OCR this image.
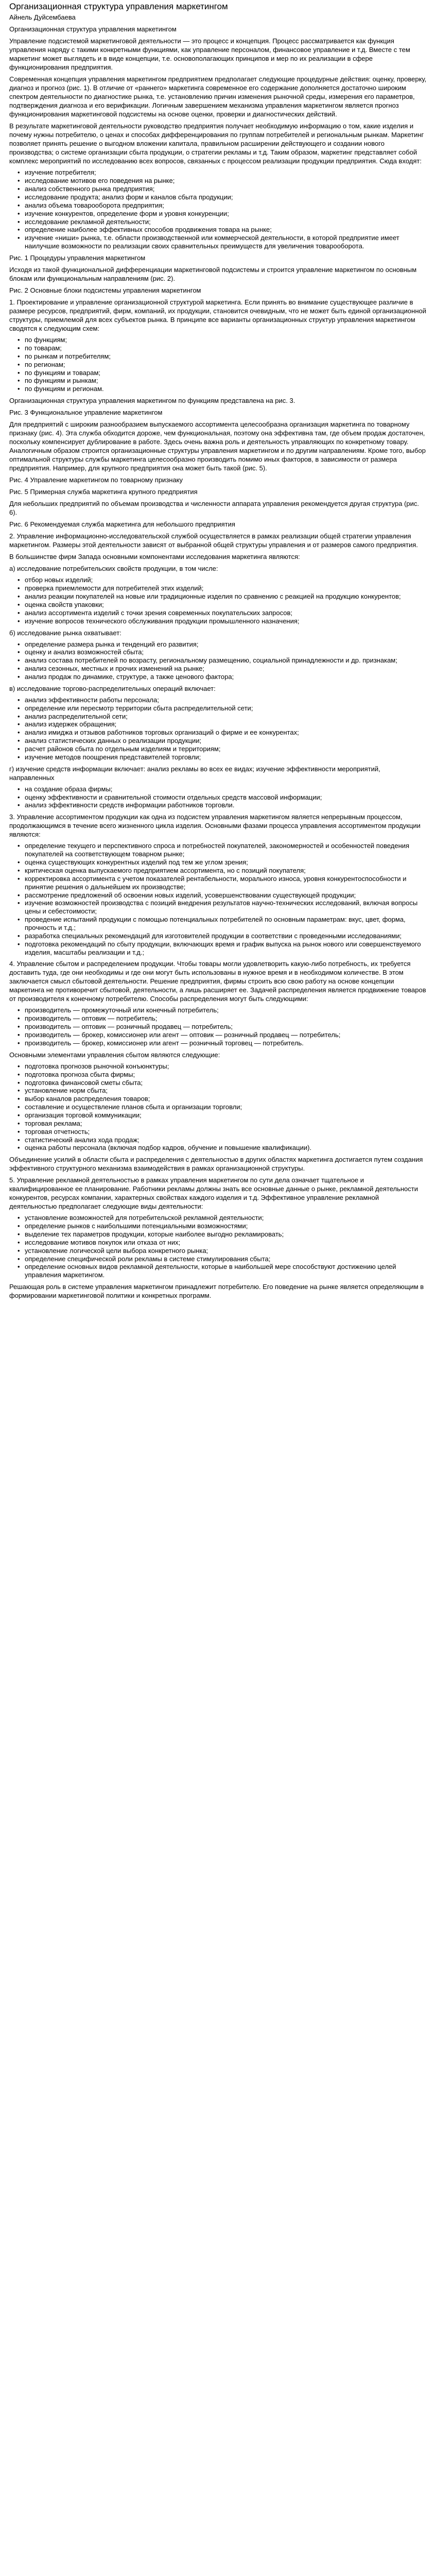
Организационная структура управления маркетингом
Айнель Дуйсембаева

Организационная структура управления маркетингом

Управление подсистемой маркетинговой деятельности — это процесс и концепция. Процесс рассматривается как функция управления наряду с такими конкретными функциями, как управление персоналом, финансовое управление и т.д. Вместе с тем маркетинг может выглядеть и в виде концепции, т.е. основополагающих принципов и мер по их реализации в сфере функционирования предприятия.

Современная концепция управления маркетингом предприятием предполагает следующие процедурные действия: оценку, проверку, диагноз и прогноз (рис. 1). В отличие от «раннего» маркетинга современное его содержание дополняется достаточно широким спектром деятельности по диагностике рынка, т.е. установлению причин изменения рыночной среды, измерения его параметров, подтверждения диагноза и его верификации. Логичным завершением механизма управления маркетингом является прогноз функционирования маркетинговой подсистемы на основе оценки, проверки и диагностических действий.

В результате маркетинговой деятельности руководство предприятия получает необходимую информацию о том, какие изделия и почему нужны потребителю, о ценах и способах дифференцирования по группам потребителей и региональным рынкам. Маркетинг позволяет принять решение о выгодном вложении капитала, правильном расширении действующего и создании нового производства; о системе организации сбыта продукции, о стратегии рекламы и т.д. Таким образом, маркетинг представляет собой комплекс мероприятий по исследованию всех вопросов, связанных с процессом реализации продукции предприятия. Сюда входят:

• изучение потребителя;
• исследование мотивов его поведения на рынке;
• анализ собственного рынка предприятия;
• исследование продукта; анализ форм и каналов сбыта продукции;
• анализ объема товарооборота предприятия;
• изучение конкурентов, определение форм и уровня конкуренции;
• исследование рекламной деятельности;
• определение наиболее эффективных способов продвижения товара на рынке;
• изучение «ниши» рынка, т.е. области производственной или коммерческой деятельности, в которой предприятие имеет наилучшие возможности по реализации своих сравнительных преимуществ для увеличения товарооборота.

Рис. 1 Процедуры управления маркетингом

Исходя из такой функциональной дифференциации маркетинговой подсистемы и строится управление маркетингом по основным блокам или функциональным направлениям (рис. 2).

Рис. 2 Основные блоки подсистемы управления маркетингом

1. Проектирование и управление организационной структурой маркетинга. Если принять во внимание существующее различие в размере ресурсов, предприятий, фирм, компаний, их продукции, становится очевидным, что не может быть единой организационной структуры, приемлемой для всех субъектов рынка. В принципе все варианты организационных структур управления маркетингом сводятся к следующим схем:

• по функциям;
• по товарам;
• по рынкам и потребителям;
• по регионам;
• по функциям и товарам;
• по функциям и рынкам;
• по функциям и регионам.

Организационная структура управления маркетингом по функциям представлена на рис. 3.

Рис. 3 Функциональное управление маркетингом

Для предприятий с широким разнообразием выпускаемого ассортимента целесообразна организация маркетинга по товарному признаку (рис. 4). Эта служба обходится дороже, чем функциональная, поэтому она эффективна там, где объем продаж достаточен, поскольку компенсирует дублирование в работе. Здесь очень важна роль и деятельность управляющих по конкретному товару. Аналогичным образом строится организационные структуры управления маркетингом и по другим направлениям. Кроме того, выбор оптимальной структуры службы маркетинга целесообразно производить помимо иных факторов, в зависимости от размера предприятия. Например, для крупного предприятия она может быть такой (рис. 5).

Рис. 4 Управление маркетингом по товарному признаку

Рис. 5 Примерная служба маркетинга крупного предприятия

Для небольших предприятий по объемам производства и численности аппарата управления рекомендуется другая структура (рис. 6).

Рис. 6 Рекомендуемая служба маркетинга для небольшого предприятия

2. Управление информационно-исследовательской службой осуществляется в рамках реализации общей стратегии управления маркетингом. Размеры этой деятельности зависят от выбранной общей структуры управления и от размеров самого предприятия.

В большинстве фирм Запада основными компонентами исследования маркетинга являются:

а) исследование потребительских свойств продукции, в том числе:

• отбор новых изделий;
• проверка приемлемости для потребителей этих изделий;
• анализ реакции покупателей на новые или традиционные изделия по сравнению с реакцией на продукцию конкурентов;
• оценка свойств упаковки;
• анализ ассортимента изделий с точки зрения современных покупательских запросов;
• изучение вопросов технического обслуживания продукции промышленного назначения;

б) исследование рынка охватывает:

• определение размера рынка и тенденций его развития;
• оценку и анализ возможностей сбыта;
• анализ состава потребителей по возрасту, региональному размещению, социальной принадлежности и др. признакам;
• анализ сезонных, местных и прочих изменений на рынке;
• анализ продаж по динамике, структуре, а также ценового фактора;

в) исследование торгово-распределительных операций включает:

• анализ эффективности работы персонала;
• определение или пересмотр территории сбыта распределительной сети;
• анализ распределительной сети;
• анализ издержек обращения;
• анализ имиджа и отзывов работников торговых организаций о фирме и ее конкурентах;
• анализ статистических данных о реализации продукции;
• расчет районов сбыта по отдельным изделиям и территориям;
• изучение методов поощрения представителей торговли;

г) изучение средств информации включает: анализ рекламы во всех ее видах; изучение эффективности мероприятий, направленных

• на создание образа фирмы;
• оценку эффективности и сравнительной стоимости отдельных средств массовой информации;
• анализ эффективности средств информации работников торговли.

3. Управление ассортиментом продукции как одна из подсистем управления маркетингом является непрерывным процессом, продолжающимся в течение всего жизненного цикла изделия. Основными фазами процесса управления ассортиментом продукции являются:

• определение текущего и перспективного спроса и потребностей покупателей, закономерностей и особенностей поведения покупателей на соответствующем товарном рынке;
• оценка существующих конкурентных изделий под тем же углом зрения;
• критическая оценка выпускаемого предприятием ассортимента, но с позиций покупателя;
• корректировка ассортимента с учетом показателей рентабельности, морального износа, уровня конкурентоспособности и принятие решения о дальнейшем их производстве;
• рассмотрение предложений об освоении новых изделий, усовершенствовании существующей продукции;
• изучение возможностей производства с позиций внедрения результатов научно-технических исследований, включая вопросы цены и себестоимости;
• проведение испытаний продукции с помощью потенциальных потребителей по основным параметрам: вкус, цвет, форма, прочность и т.д.;
• разработка специальных рекомендаций для изготовителей продукции в соответствии с проведенными исследованиями;
• подготовка рекомендаций по сбыту продукции, включающих время и график выпуска на рынок нового или совершенствуемого изделия, масштабы реализации и т.д.;

4. Управление сбытом и распределением продукции. Чтобы товары могли удовлетворить какую-либо потребность, их требуется доставить туда, где они необходимы и где они могут быть использованы в нужное время и в необходимом количестве. В этом заключается смысл сбытовой деятельности. Решение предприятия, фирмы строить всю свою работу на основе концепции маркетинга не противоречит сбытовой, деятельности, а лишь расширяет ее. Задачей распределения является продвижение товаров от производителя к конечному потребителю. Способы распределения могут быть следующими:

• производитель — промежуточный или конечный потребитель;
• производитель — оптовик — потребитель;
• производитель — оптовик — розничный продавец — потребитель;
• производитель — брокер, комиссионер или агент — оптовик — розничный продавец — потребитель;
• производитель — брокер, комиссионер или агент — розничный торговец — потребитель.

Основными элементами управления сбытом являются следующие:

• подготовка прогнозов рыночной конъюнктуры;
• подготовка прогноза сбыта фирмы;
• подготовка финансовой сметы сбыта;
• установление норм сбыта;
• выбор каналов распределения товаров;
• составление и осуществление планов сбыта и организации торговли;
• организация торговой коммуникации;
• торговая реклама;
• торговая отчетность;
• статистический анализ хода продаж;
• оценка работы персонала (включая подбор кадров, обучение и повышение квалификации).

Объединение усилий в области сбыта и распределения с деятельностью в других областях маркетинга достигается путем создания эффективного структурного механизма взаимодействия в рамках организационной структуры.

5. Управление рекламной деятельностью в рамках управления маркетингом по сути дела означает тщательное и квалифицированное ее планирование. Работники рекламы должны знать все основные данные о рынке, рекламной деятельности конкурентов, ресурсах компании, характерных свойствах каждого изделия и т.д. Эффективное управление рекламной деятельностью предполагает следующие виды деятельности:

• установление возможностей для потребительской рекламной деятельности;
• определение рынков с наибольшими потенциальными возможностями;
• выделение тех параметров продукции, которые наиболее выгодно рекламировать;
• исследование мотивов покупок или отказа от них;
• установление логической цели выбора конкретного рынка;
• определение специфической роли рекламы в системе стимулирования сбыта;
• определение основных видов рекламной деятельности, которые в наибольшей мере способствуют достижению целей управления маркетингом.

Решающая роль в системе управления маркетингом принадлежит потребителю. Его поведение на рынке является определяющим в формировании маркетинговой политики и конкретных программ.
